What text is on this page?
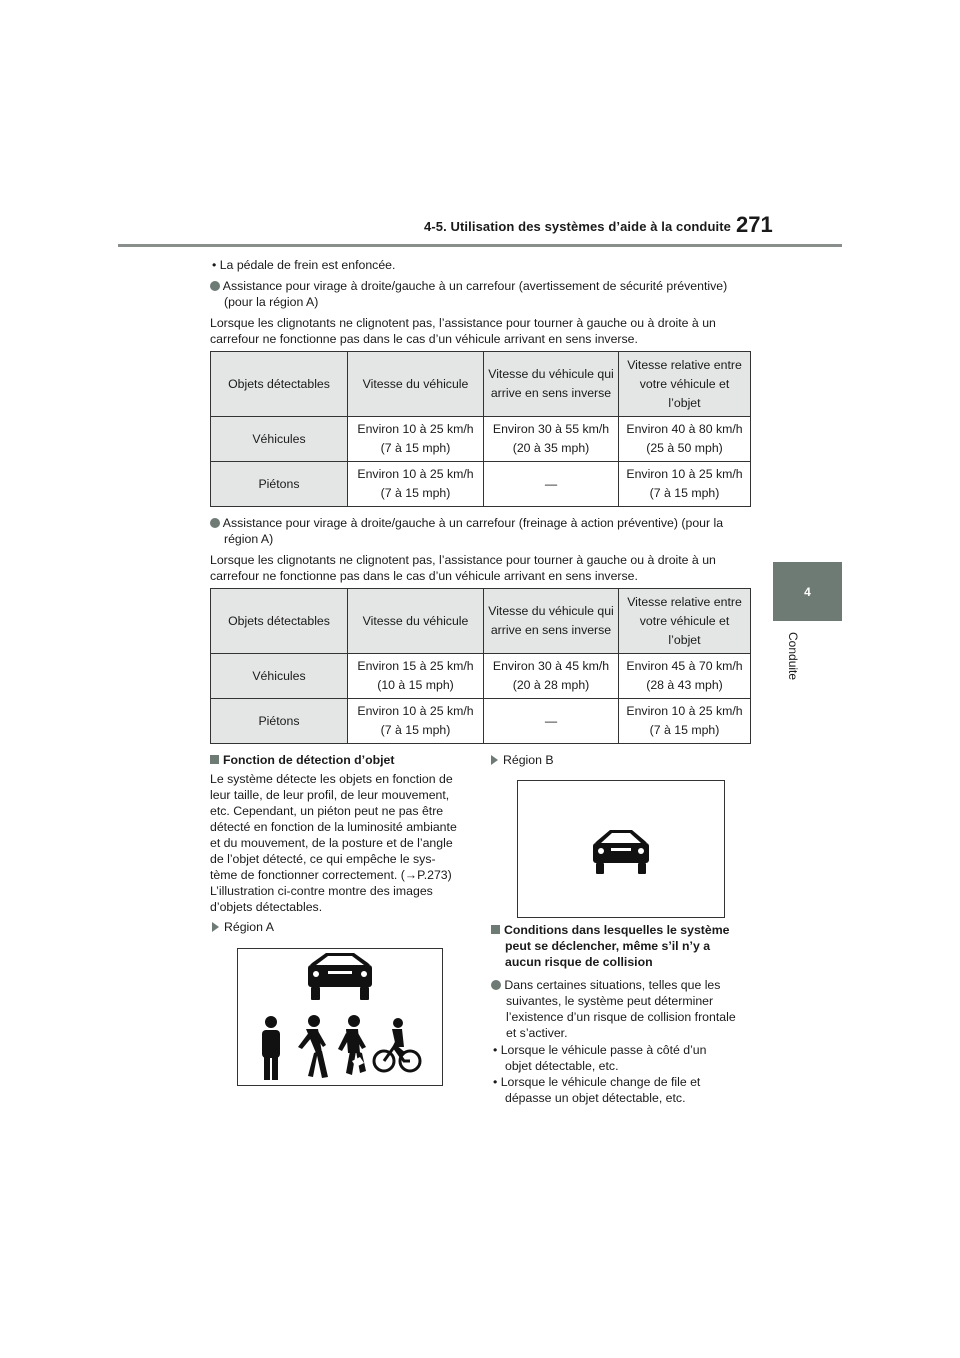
4-5. Utilisation des systèmes d’aide à la conduite 271
4
Conduite
• La pédale de frein est enfoncée.
Assistance pour virage à droite/gauche à un carrefour (avertissement de sécurité préventive)
(pour la région A)
Lorsque les clignotants ne clignotent pas, l’assistance pour tourner à gauche ou à droite à un
carrefour ne fonctionne pas dans le cas d’un véhicule arrivant en sens inverse.
Objets détectables	Vitesse du véhicule	Vitesse du véhicule qui arrive en sens inverse	Vitesse relative entre votre véhicule et l’objet
Véhicules	Environ 10 à 25 km/h (7 à 15 mph)	Environ 30 à 55 km/h (20 à 35 mph)	Environ 40 à 80 km/h (25 à 50 mph)
Piétons	Environ 10 à 25 km/h (7 à 15 mph)	—	Environ 10 à 25 km/h (7 à 15 mph)
Assistance pour virage à droite/gauche à un carrefour (freinage à action préventive) (pour la
région A)
Lorsque les clignotants ne clignotent pas, l’assistance pour tourner à gauche ou à droite à un
carrefour ne fonctionne pas dans le cas d’un véhicule arrivant en sens inverse.
Objets détectables	Vitesse du véhicule	Vitesse du véhicule qui arrive en sens inverse	Vitesse relative entre votre véhicule et l’objet
Véhicules	Environ 15 à 25 km/h (10 à 15 mph)	Environ 30 à 45 km/h (20 à 28 mph)	Environ 45 à 70 km/h (28 à 43 mph)
Piétons	Environ 10 à 25 km/h (7 à 15 mph)	—	Environ 10 à 25 km/h (7 à 15 mph)
Fonction de détection d’objet
Le système détecte les objets en fonction de
leur taille, de leur profil, de leur mouvement,
etc. Cependant, un piéton peut ne pas être
détecté en fonction de la luminosité ambiante
et du mouvement, de la posture et de l’angle
de l’objet détecté, ce qui empêche le sys-
tème de fonctionner correctement. (→P.273)
L’illustration ci-contre montre des images
d’objets détectables.
Région A
Région B
Conditions dans lesquelles le système
peut se déclencher, même s’il n’y a
aucun risque de collision
Dans certaines situations, telles que les
suivantes, le système peut déterminer
l’existence d’un risque de collision frontale
et s’activer.
• Lorsque le véhicule passe à côté d’un
objet détectable, etc.
• Lorsque le véhicule change de file et
dépasse un objet détectable, etc.
